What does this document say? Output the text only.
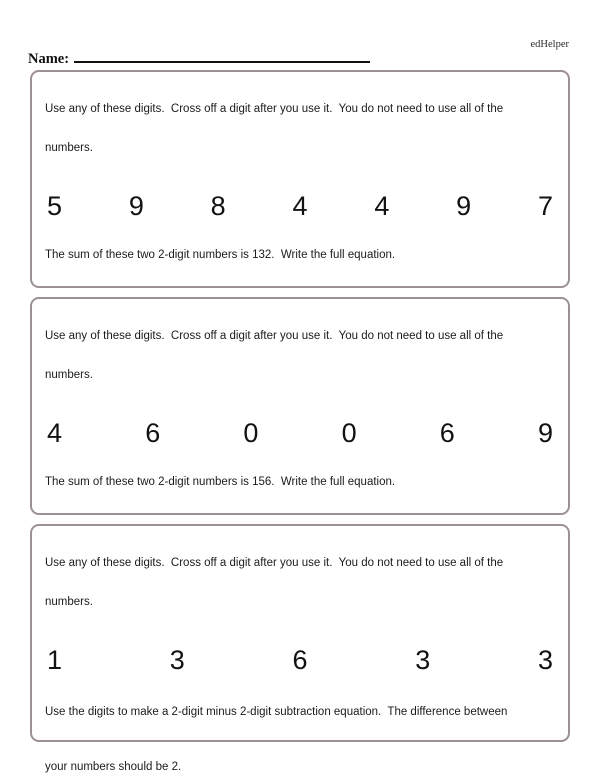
edHelper
Name:

Use any of these digits.  Cross off a digit after you use it.  You do not need to use all of the

numbers.

5 9 8 4 4 9 7

The sum of these two 2-digit numbers is 132.  Write the full equation.

Use any of these digits.  Cross off a digit after you use it.  You do not need to use all of the

numbers.

4	6	0	0	6	9

The sum of these two 2-digit numbers is 156.  Write the full equation.

Use any of these digits.  Cross off a digit after you use it.  You do not need to use all of the

numbers.

1	3	6	3	3

Use the digits to make a 2-digit minus 2-digit subtraction equation.  The difference between

your numbers should be 2.
